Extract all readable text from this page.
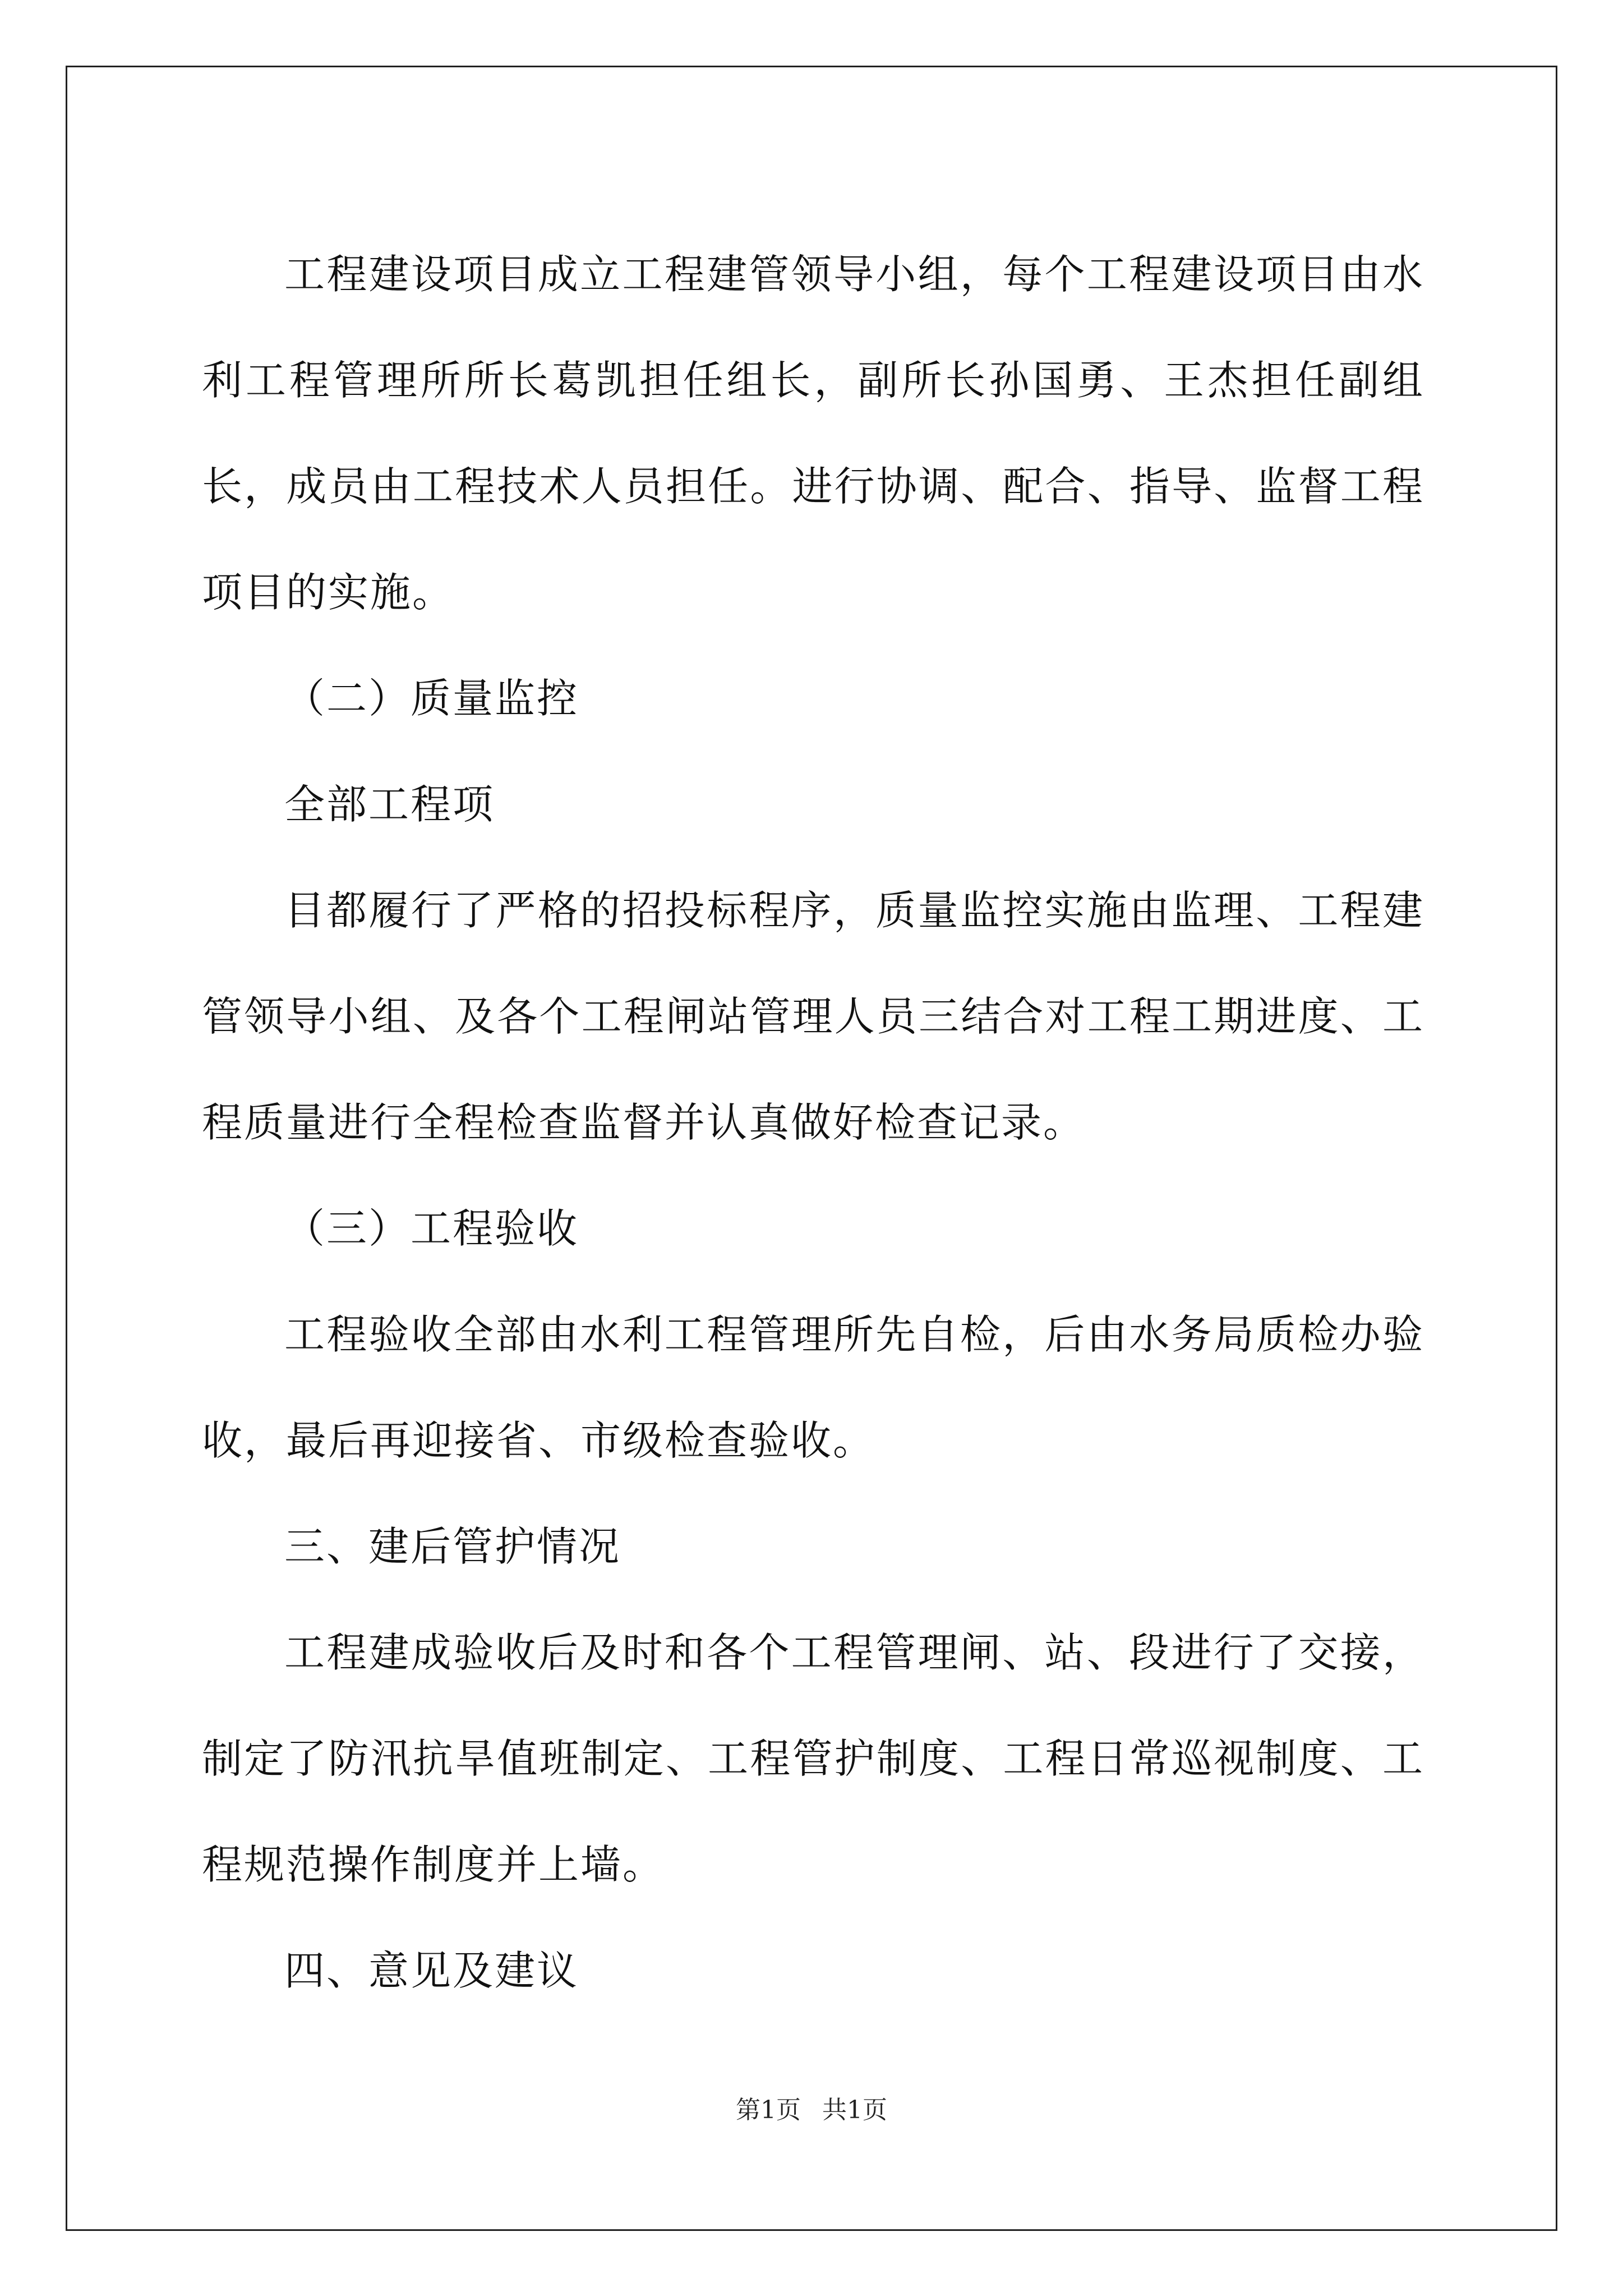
工程建设项目成立工程建管领导小组，每个工程建设项目由水利工程管理所所长葛凯担任组长，副所长孙国勇、王杰担任副组长，成员由工程技术人员担任。进行协调、配合、指导、监督工程项目的实施。

（二）质量监控

全部工程项

目都履行了严格的招投标程序，质量监控实施由监理、工程建管领导小组、及各个工程闸站管理人员三结合对工程工期进度、工程质量进行全程检查监督并认真做好检查记录。

（三）工程验收

工程验收全部由水利工程管理所先自检，后由水务局质检办验收，最后再迎接省、市级检查验收。

三、建后管护情况

工程建成验收后及时和各个工程管理闸、站、段进行了交接，制定了防汛抗旱值班制定、工程管护制度、工程日常巡视制度、工程规范操作制度并上墙。

四、意见及建议

第1页 共1页
